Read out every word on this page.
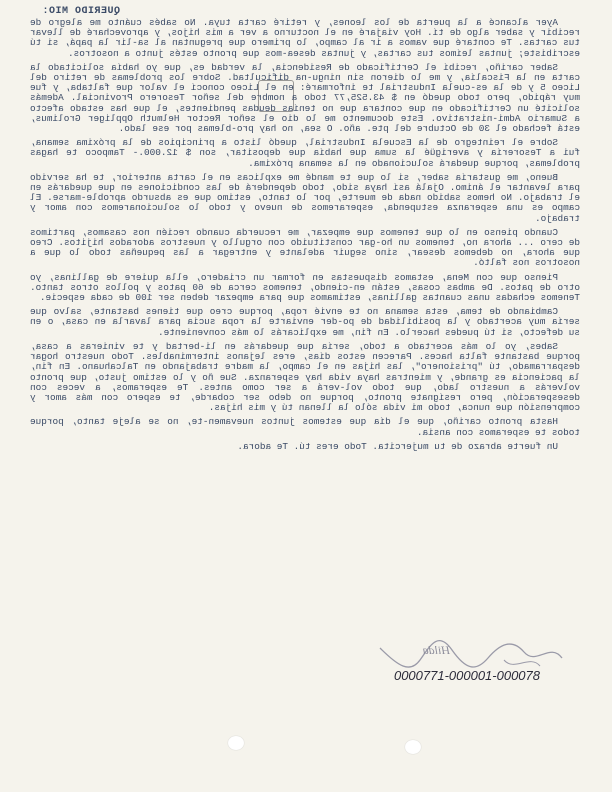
QUERIDO MIO:

Ayer alcancé a la puerta de los leones, y retiré carta tuya. No sabés cuánto me alegro de recibir y saber algo de tí. Hoy viajaré en el nocturno a ver a mis hijos, y aprovecharé de llevar tus cartas. Te contaré que vamos a ir al campo, lo primero que preguntan al sa-lir la papá, si tú escribiste; juntas leímos tus cartas, y juntas desea-mos que pronto estés junto a nosotros.

Saber cariño, recibí el Certificado de Residencia, la verdad es, que yo había solicitado la carta en la Fiscalía, y me lo dieron sin ningu-na dificultad. Sobre los problemas de retiro del Liceo 5 y de la es-cuela Industrial te informaré: en el Liceo conocí el valor que faltaba, y fue muy rápido, pero todo quedó en $ 43.525,77 todo a nombre del señor Tesorero Provincial. Además solicité un Certificado en que contara que no tenías deudas pendientes, el que has estado afecto a Sumario Admi-nistrativo. Este documento me lo dio el señor Rector Helmuth Oppliger Grolimus, está fechado el 30 de Octubre del pte. año. O sea, no hay pro-blemas por ese lado.

Sobre el reintegro de la Escuela Industrial, quedó listo a principios de la próxima semana, fui a Tesorería y averigüé la suma que había que depositar, son $ 12.000.- Tampoco te hagas problemas, porque quedará solucionado en la semana próxima.

Bueno, me gustaría saber, si lo que te mandé me explicas en el carta anterior, te ha servido para levantar el ánimo. Ojalá así haya sido, todo dependerá de las condiciones en que quedarás en el trabajo. No hemos sabido nada de muerte, por lo tanto, estimo que es absurdo aproble-marse. El campo es una esperanza estupenda, esperaremos de nuevo y todo lo solucionaremos con amor y trabajo.

Cuando pienso en lo que tenemos que empezar, me recuerda cuando recién nos casamos, partimos de cero ... ahora no, tenemos un ho-gar constituido con orgullo y nuestros adorados hijitos. Creo que ahora, no debemos desear, sino seguir adelante y entregar a las pequeñas todo lo que a nosotros nos faltó.

Pienso que con Mena, estamos dispuestas en formar un criadero, ella quiere de gallinas, yo otro de patos. De ambas cosas, están en-ciendo, tenemos cerca de 60 patos y pollos otros tanto. Tenemos echadas unas cuantas gallinas, estimamos que para empezar deben ser 100 de cada especie.

Cambiando de tema, esta semana no te envié ropa, porque creo que tienes bastante, salvo que sería muy acertado y la posibilidad de po-der enviarte la ropa sucia para lavarla en casa, o en su defecto, si tú puedes hacerlo. En fin, me explicarás lo más conveniente.

Sabes, yo lo más acertado a todo, sería que quedarás en li-bertad y te vinieras a casa, porque bastante falta haces. Parecen estos días, eres lejanos interminables. Todo nuestro hogar desparramado, tú "prisionero", las hijas en el campo, la madre trabajando en Talcahuano. En fin, la paciencia es grande, y mientras haya vida hay esperanza. Sue ño y lo estimo justo, que pronto volverás a nuestro lado, que todo vol-verá a ser como antes. Te esperamos, a veces con desesperación, pero resígnate pronto, porque no debo ser cobarde, te espero con más amor y comprensión que nunca, todo mi vida sólo la llenan tú y mis hijas.

Hasta pronto cariño, que el día que estemos juntos nuevamen-te, no se aleje tanto, porque todos te esperamos con ansia.

Un fuerte abrazo de tu mujercita. Todo eres tú. Te adora.

Hilda
0000771-000001-000078
